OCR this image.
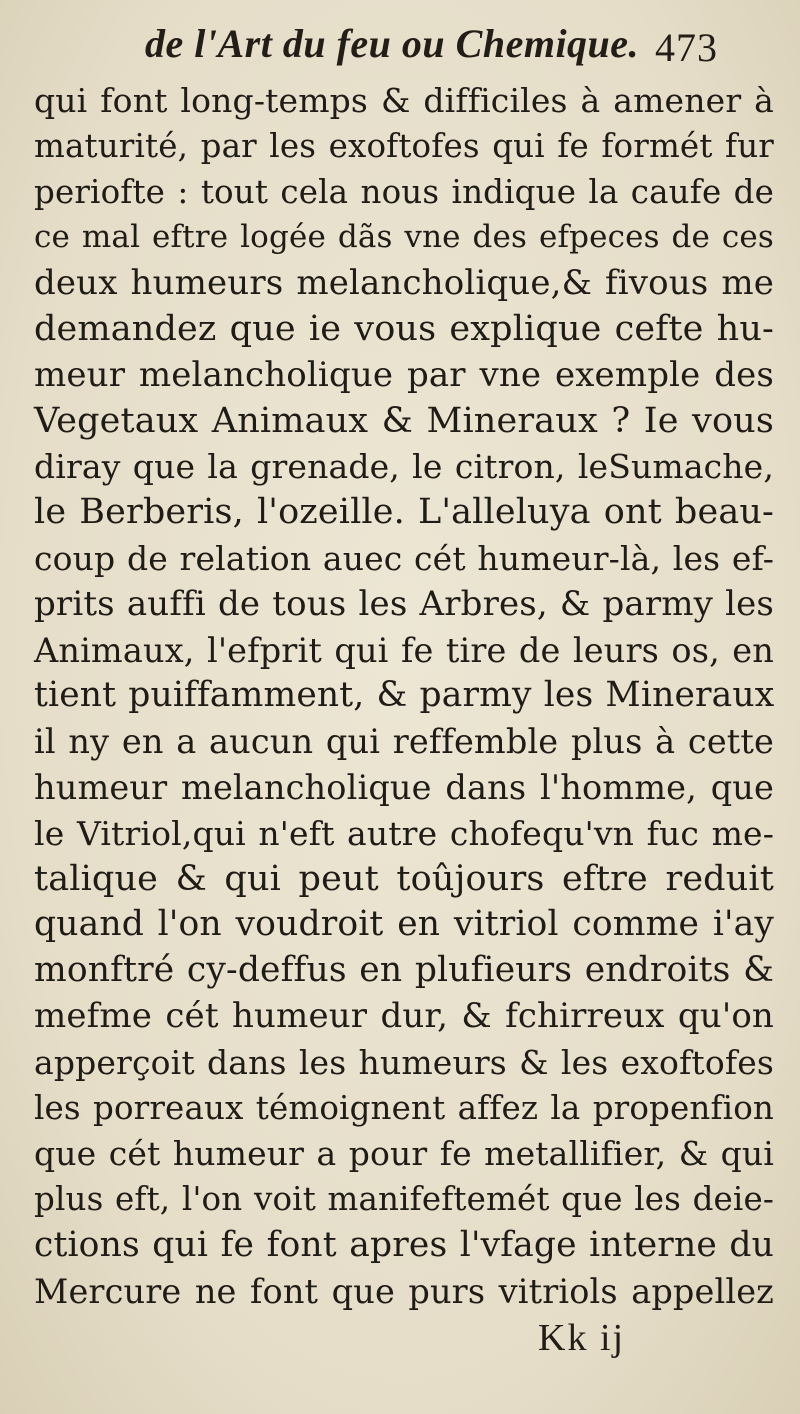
de l'Art du feu ou Chemique. 473
qui font long-temps & difficiles à amener à
maturité, par les exoftofes qui fe formét fur
periofte : tout cela nous indique la caufe de
ce mal eftre logée dãs vne des efpeces de ces
deux humeurs melancholique,& fivous me
demandez que ie vous explique cefte hu-
meur melancholique par vne exemple des
Vegetaux Animaux & Mineraux ? Ie vous
diray que la grenade, le citron, leSumache,
le Berberis, l'ozeille. L'alleluya ont beau-
coup de relation auec cét humeur-là, les ef-
prits auffi de tous les Arbres, & parmy les
Animaux, l'efprit qui fe tire de leurs os, en
tient puiffamment, & parmy les Mineraux
il ny en a aucun qui reffemble plus à cette
humeur melancholique dans l'homme, que
le Vitriol,qui n'eft autre chofequ'vn fuc me-
talique & qui peut toûjours eftre reduit
quand l'on voudroit en vitriol comme i'ay
monftré cy-deffus en plufieurs endroits &
mefme cét humeur dur, & fchirreux qu'on
apperçoit dans les humeurs & les exoftofes
les porreaux témoignent affez la propenfion
que cét humeur a pour fe metallifier, & qui
plus eft, l'on voit manifeftemét que les deie-
ctions qui fe font apres l'vfage interne du
Mercure ne font que purs vitriols appellez
Kk ij
